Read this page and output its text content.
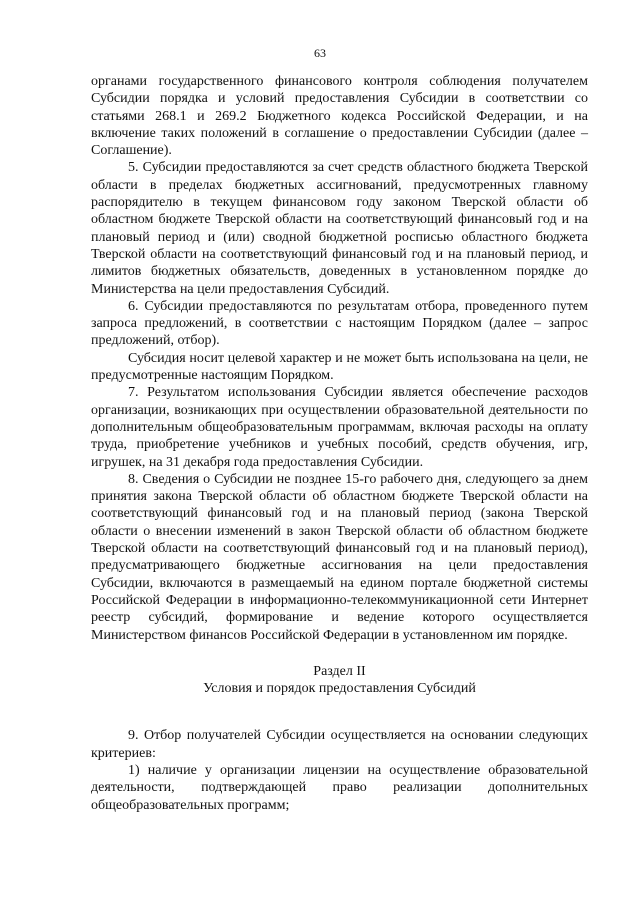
63

органами государственного финансового контроля соблюдения получателем Субсидии порядка и условий предоставления Субсидии в соответствии со статьями 268.1 и 269.2 Бюджетного кодекса Российской Федерации, и на включение таких положений в соглашение о предоставлении Субсидии (далее – Соглашение).

5. Субсидии предоставляются за счет средств областного бюджета Тверской области в пределах бюджетных ассигнований, предусмотренных главному распорядителю в текущем финансовом году законом Тверской области об областном бюджете Тверской области на соответствующий финансовый год и на плановый период и (или) сводной бюджетной росписью областного бюджета Тверской области на соответствующий финансовый год и на плановый период, и лимитов бюджетных обязательств, доведенных в установленном порядке до Министерства на цели предоставления Субсидий.

6. Субсидии предоставляются по результатам отбора, проведенного путем запроса предложений, в соответствии с настоящим Порядком (далее – запрос предложений, отбор).

Субсидия носит целевой характер и не может быть использована на цели, не предусмотренные настоящим Порядком.

7. Результатом использования Субсидии является обеспечение расходов организации, возникающих при осуществлении образовательной деятельности по дополнительным общеобразовательным программам, включая расходы на оплату труда, приобретение учебников и учебных пособий, средств обучения, игр, игрушек, на 31 декабря года предоставления Субсидии.

8. Сведения о Субсидии не позднее 15-го рабочего дня, следующего за днем принятия закона Тверской области об областном бюджете Тверской области на соответствующий финансовый год и на плановый период (закона Тверской области о внесении изменений в закон Тверской области об областном бюджете Тверской области на соответствующий финансовый год и на плановый период), предусматривающего бюджетные ассигнования на цели предоставления Субсидии, включаются в размещаемый на едином портале бюджетной системы Российской Федерации в информационно-телекоммуникационной сети Интернет реестр субсидий, формирование и ведение которого осуществляется Министерством финансов Российской Федерации в установленном им порядке.

Раздел II

Условия и порядок предоставления Субсидий

9. Отбор получателей Субсидии осуществляется на основании следующих критериев:

1) наличие у организации лицензии на осуществление образовательной деятельности, подтверждающей право реализации дополнительных общеобразовательных программ;
